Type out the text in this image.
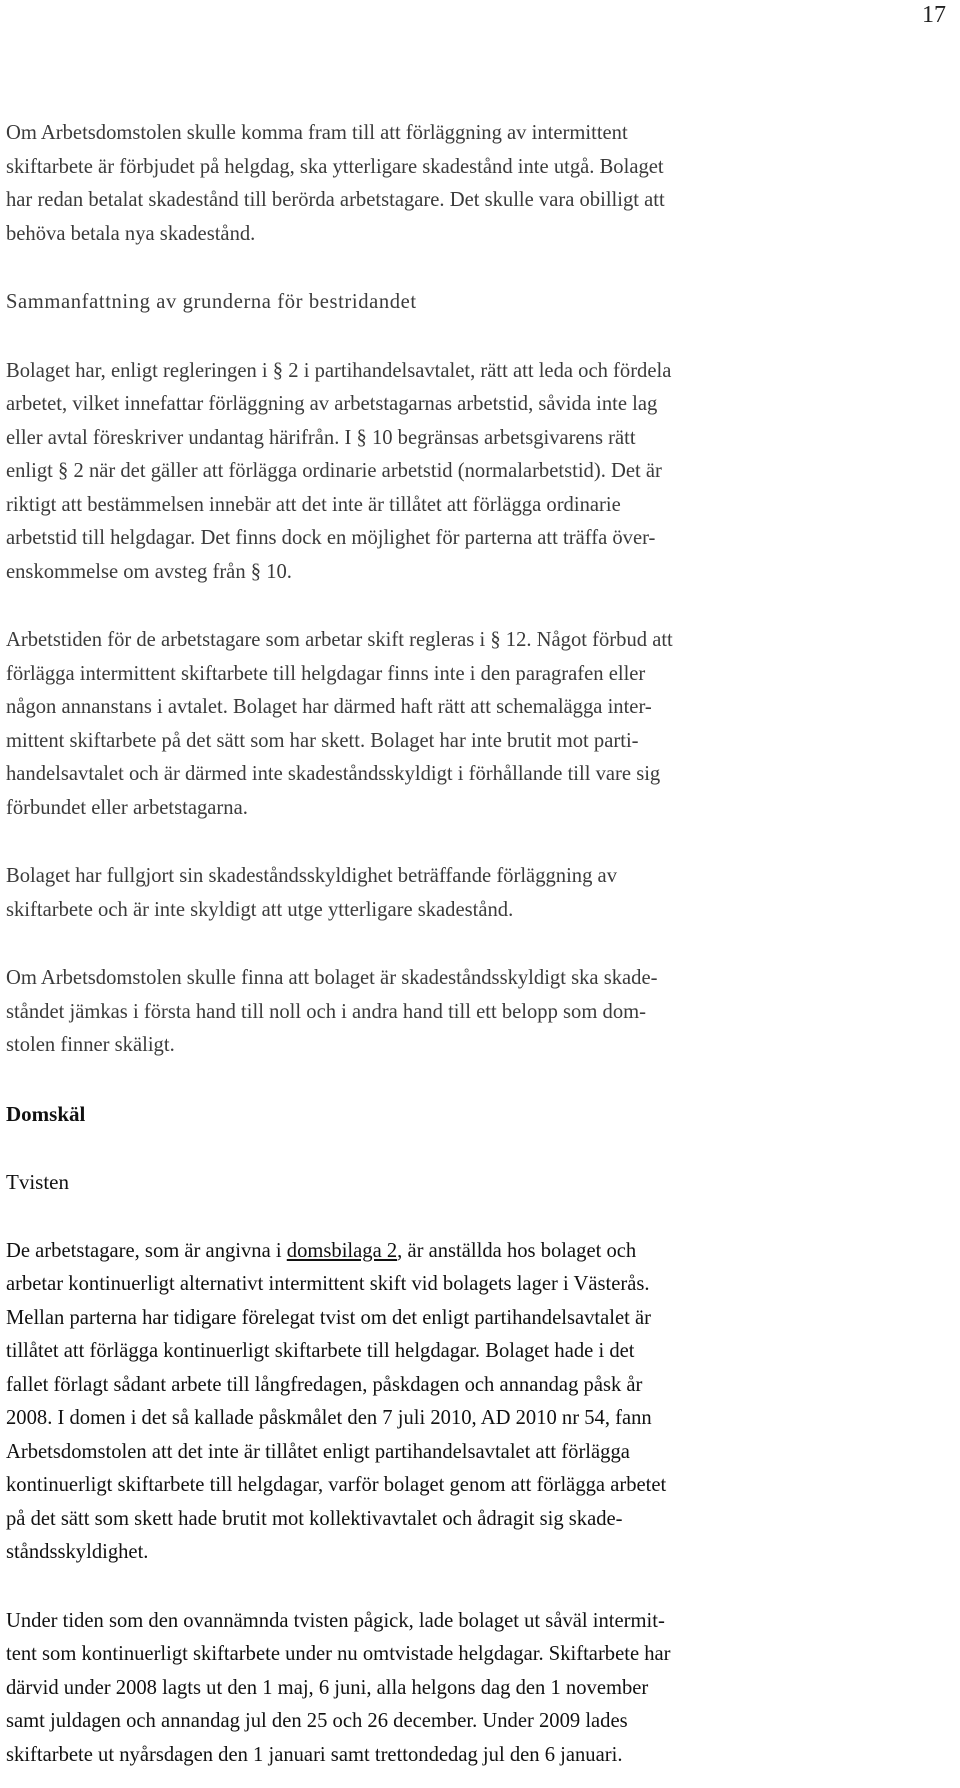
17

Om Arbetsdomstolen skulle komma fram till att förläggning av intermittent

skiftarbete är förbjudet på helgdag, ska ytterligare skadestånd inte utgå. Bolaget

har redan betalat skadestånd till berörda arbetstagare. Det skulle vara obilligt att

behöva betala nya skadestånd.

Sammanfattning av grunderna för bestridandet

Bolaget har, enligt regleringen i § 2 i partihandelsavtalet, rätt att leda och fördela

arbetet, vilket innefattar förläggning av arbetstagarnas arbetstid, såvida inte lag

eller avtal föreskriver undantag härifrån. I § 10 begränsas arbetsgivarens rätt

enligt § 2 när det gäller att förlägga ordinarie arbetstid (normalarbetstid). Det är

riktigt att bestämmelsen innebär att det inte är tillåtet att förlägga ordinarie

arbetstid till helgdagar. Det finns dock en möjlighet för parterna att träffa över-

enskommelse om avsteg från § 10.

Arbetstiden för de arbetstagare som arbetar skift regleras i § 12. Något förbud att

förlägga intermittent skiftarbete till helgdagar finns inte i den paragrafen eller

någon annanstans i avtalet. Bolaget har därmed haft rätt att schemalägga inter-

mittent skiftarbete på det sätt som har skett. Bolaget har inte brutit mot parti-

handelsavtalet och är därmed inte skadeståndsskyldigt i förhållande till vare sig

förbundet eller arbetstagarna.

Bolaget har fullgjort sin skadeståndsskyldighet beträffande förläggning av

skiftarbete och är inte skyldigt att utge ytterligare skadestånd.

Om Arbetsdomstolen skulle finna att bolaget är skadeståndsskyldigt ska skade-

ståndet jämkas i första hand till noll och i andra hand till ett belopp som dom-

stolen finner skäligt.

Domskäl
Tvisten

De arbetstagare, som är angivna i domsbilaga 2, är anställda hos bolaget och

arbetar kontinuerligt alternativt intermittent skift vid bolagets lager i Västerås.

Mellan parterna har tidigare förelegat tvist om det enligt partihandelsavtalet är

tillåtet att förlägga kontinuerligt skiftarbete till helgdagar. Bolaget hade i det

fallet förlagt sådant arbete till långfredagen, påskdagen och annandag påsk år

2008. I domen i det så kallade påskmålet den 7 juli 2010, AD 2010 nr 54, fann

Arbetsdomstolen att det inte är tillåtet enligt partihandelsavtalet att förlägga

kontinuerligt skiftarbete till helgdagar, varför bolaget genom att förlägga arbetet

på det sätt som skett hade brutit mot kollektivavtalet och ådragit sig skade-

ståndsskyldighet.

Under tiden som den ovannämnda tvisten pågick, lade bolaget ut såväl intermit-

tent som kontinuerligt skiftarbete under nu omtvistade helgdagar. Skiftarbete har

därvid under 2008 lagts ut den 1 maj, 6 juni, alla helgons dag den 1 november

samt juldagen och annandag jul den 25 och 26 december. Under 2009 lades

skiftarbete ut nyårsdagen den 1 januari samt trettondedag jul den 6 januari.
